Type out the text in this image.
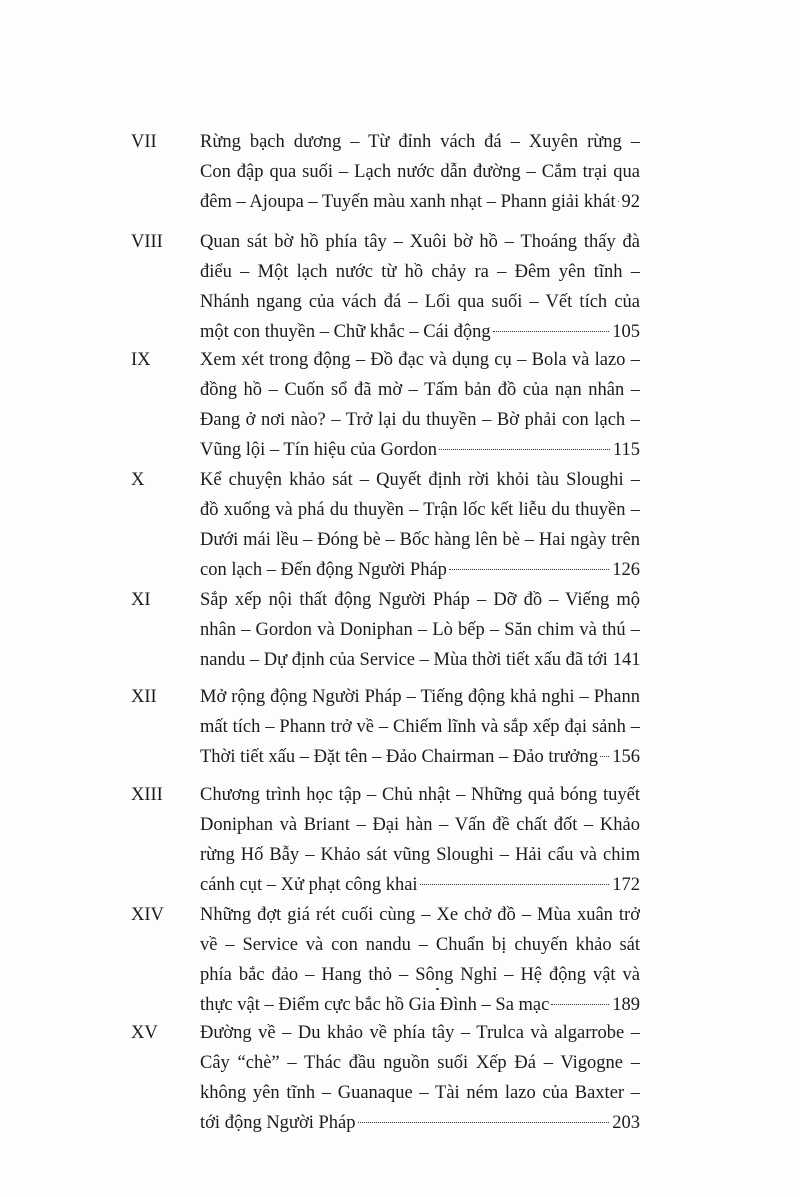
VII Rừng bạch dương – Từ đỉnh vách đá – Xuyên rừng –
Con đập qua suối – Lạch nước dẫn đường – Cắm trại qua
đêm – Ajoupa – Tuyến màu xanh nhạt – Phann giải khát 92
VIII Quan sát bờ hồ phía tây – Xuôi bờ hồ – Thoáng thấy đà
điểu – Một lạch nước từ hồ chảy ra – Đêm yên tĩnh –
Nhánh ngang của vách đá – Lối qua suối – Vết tích của
một con thuyền – Chữ khắc – Cái động	105
IX	Xem xét trong động – Đồ đạc và dụng cụ – Bola và lazo –
đồng hồ – Cuốn sổ đã mờ – Tấm bản đồ của nạn nhân –
Đang ở nơi nào? – Trở lại du thuyền – Bờ phải con lạch –
Vũng lội – Tín hiệu của Gordon	115
X	Kể chuyện khảo sát – Quyết định rời khỏi tàu Sloughi –
đồ xuống và phá du thuyền – Trận lốc kết liễu du thuyền –
Dưới mái lều – Đóng bè – Bốc hàng lên bè – Hai ngày trên
con lạch – Đến động Người Pháp	126
XI	Sắp xếp nội thất động Người Pháp – Dỡ đồ – Viếng mộ
nhân – Gordon và Doniphan – Lò bếp – Săn chim và thú –
nandu – Dự định của Service – Mùa thời tiết xấu đã tới 141
XII Mở rộng động Người Pháp – Tiếng động khả nghi – Phann
mất tích – Phann trở về – Chiếm lĩnh và sắp xếp đại sảnh –
Thời tiết xấu – Đặt tên – Đảo Chairman – Đảo trưởng 156
XIII Chương trình học tập – Chủ nhật – Những quả bóng tuyết
Doniphan và Briant – Đại hàn – Vấn đề chất đốt – Khảo
rừng Hố Bẫy – Khảo sát vũng Sloughi – Hải cẩu và chim
cánh cụt – Xử phạt công khai	172
XIV Những đợt giá rét cuối cùng – Xe chở đồ – Mùa xuân trở
về – Service và con nandu – Chuẩn bị chuyến khảo sát
phía bắc đảo – Hang thỏ – Sông Nghỉ – Hệ động vật và
thực vật – Điểm cực bắc hồ Gia Đình – Sa mạc	189
XV Đường về – Du khảo về phía tây – Trulca và algarrobe –
Cây “chè” – Thác đầu nguồn suối Xếp Đá – Vigogne –
không yên tĩnh – Guanaque – Tài ném lazo của Baxter –
tới động Người Pháp	203
